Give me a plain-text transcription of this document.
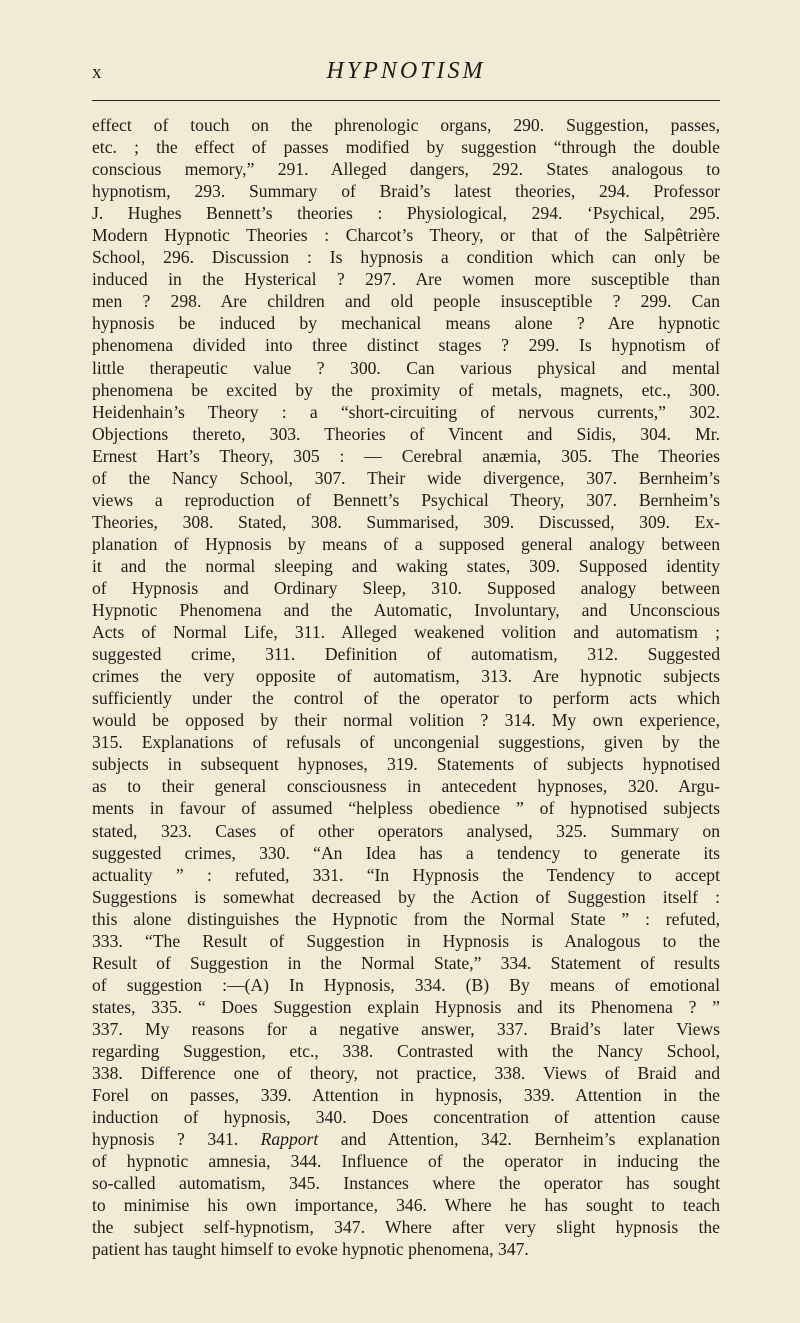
x	HYPNOTISM
effect of touch on the phrenologic organs, 290. Suggestion, passes,
etc. ; the effect of passes modified by suggestion “through the double
conscious memory,” 291. Alleged dangers, 292. States analogous to
hypnotism, 293. Summary of Braid’s latest theories, 294. Professor
J. Hughes Bennett’s theories : Physiological, 294. ‘Psychical, 295.
Modern Hypnotic Theories : Charcot’s Theory, or that of the Salpêtrière
School, 296. Discussion : Is hypnosis a condition which can only be
induced in the Hysterical ? 297. Are women more susceptible than
men ? 298. Are children and old people insusceptible ? 299. Can
hypnosis be induced by mechanical means alone ? Are hypnotic
phenomena divided into three distinct stages ? 299. Is hypnotism of
little therapeutic value ? 300. Can various physical and mental
phenomena be excited by the proximity of metals, magnets, etc., 300.
Heidenhain’s Theory : a “short-circuiting of nervous currents,” 302.
Objections thereto, 303. Theories of Vincent and Sidis, 304. Mr.
Ernest Hart’s Theory, 305 : — Cerebral anæmia, 305. The Theories
of the Nancy School, 307. Their wide divergence, 307. Bernheim’s
views a reproduction of Bennett’s Psychical Theory, 307. Bernheim’s
Theories, 308. Stated, 308. Summarised, 309. Discussed, 309. Ex-
planation of Hypnosis by means of a supposed general analogy between
it and the normal sleeping and waking states, 309. Supposed identity
of Hypnosis and Ordinary Sleep, 310. Supposed analogy between
Hypnotic Phenomena and the Automatic, Involuntary, and Unconscious
Acts of Normal Life, 311. Alleged weakened volition and automatism ;
suggested crime, 311. Definition of automatism, 312. Suggested
crimes the very opposite of automatism, 313. Are hypnotic subjects
sufficiently under the control of the operator to perform acts which
would be opposed by their normal volition ? 314. My own experience,
315. Explanations of refusals of uncongenial suggestions, given by the
subjects in subsequent hypnoses, 319. Statements of subjects hypnotised
as to their general consciousness in antecedent hypnoses, 320. Argu-
ments in favour of assumed “helpless obedience ” of hypnotised subjects
stated, 323. Cases of other operators analysed, 325. Summary on
suggested crimes, 330. “An Idea has a tendency to generate its
actuality ” : refuted, 331. “In Hypnosis the Tendency to accept
Suggestions is somewhat decreased by the Action of Suggestion itself :
this alone distinguishes the Hypnotic from the Normal State ” : refuted,
333. “The Result of Suggestion in Hypnosis is Analogous to the
Result of Suggestion in the Normal State,” 334. Statement of results
of suggestion :—(A) In Hypnosis, 334. (B) By means of emotional
states, 335. “ Does Suggestion explain Hypnosis and its Phenomena ? ”
337. My reasons for a negative answer, 337. Braid’s later Views
regarding Suggestion, etc., 338. Contrasted with the Nancy School,
338. Difference one of theory, not practice, 338. Views of Braid and
Forel on passes, 339. Attention in hypnosis, 339. Attention in the
induction of hypnosis, 340. Does concentration of attention cause
hypnosis ? 341. Rapport and Attention, 342. Bernheim’s explanation
of hypnotic amnesia, 344. Influence of the operator in inducing the
so-called automatism, 345. Instances where the operator has sought
to minimise his own importance, 346. Where he has sought to teach
the subject self-hypnotism, 347. Where after very slight hypnosis the
patient has taught himself to evoke hypnotic phenomena, 347.
